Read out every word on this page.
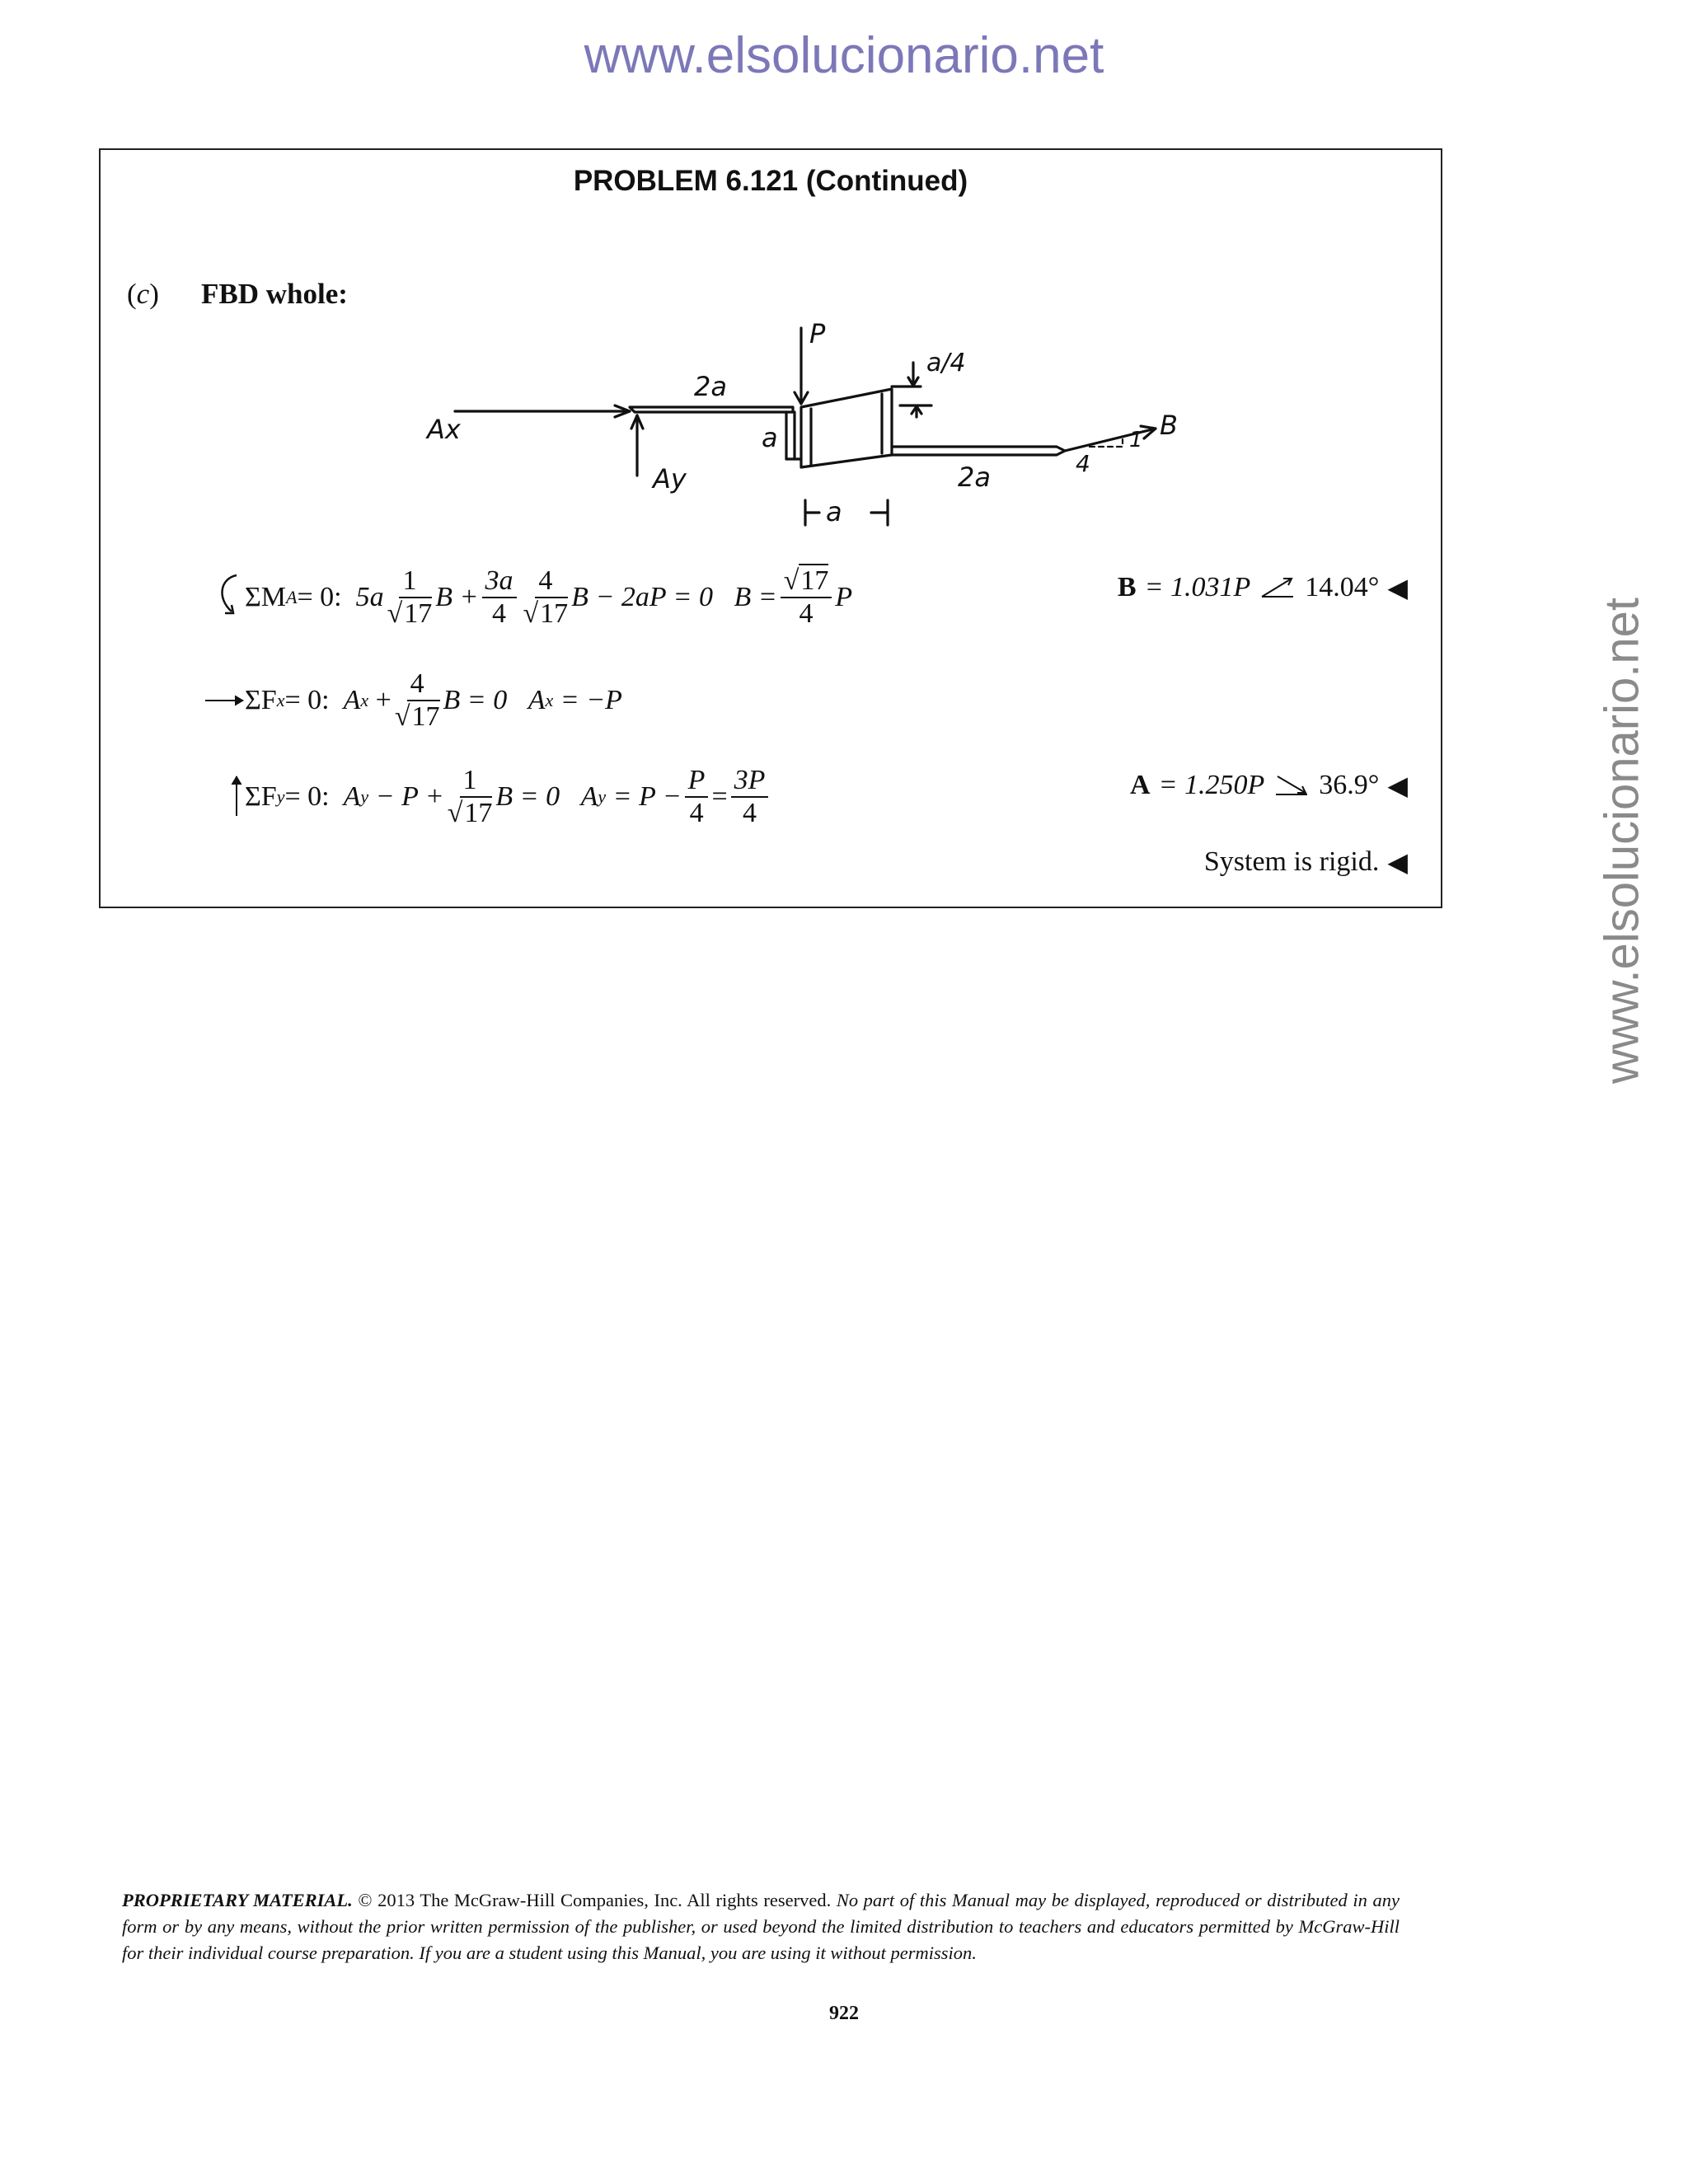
www.elsolucionario.net
www.elsolucionario.net
PROBLEM 6.121 (Continued)
(c) FBD whole:
Ax
Ay
P
B
2a
2a
a
a
a/4
4
1
ΣM A = 0:
$5a \frac{1}{√17}$ $B + \frac{3a}{4} \frac{4}{√17}$ B − 2aP = 0
$B = \frac{√17}{4}$ P	B = 1.031P 14.04° ◀
ΣF x = 0:
A x
+ $\frac{4}{√17}$ B = 0
A x
= −P
ΣF y = 0:
A y
− $P + \frac{1}{√17}$ B = 0
A y
= $P - \frac{P}{4} = \frac{3P}{4}$	A = 1.250P 36.9° ◀
System is rigid. ◀
PROPRIETARY MATERIAL. © 2013 The McGraw-Hill Companies, Inc. All rights reserved. No part of this Manual may be displayed, reproduced or distributed in any form or by any means, without the prior written permission of the publisher, or used beyond the limited distribution to teachers and educators permitted by McGraw-Hill for their individual course preparation. If you are a student using this Manual, you are using it without permission.
922
